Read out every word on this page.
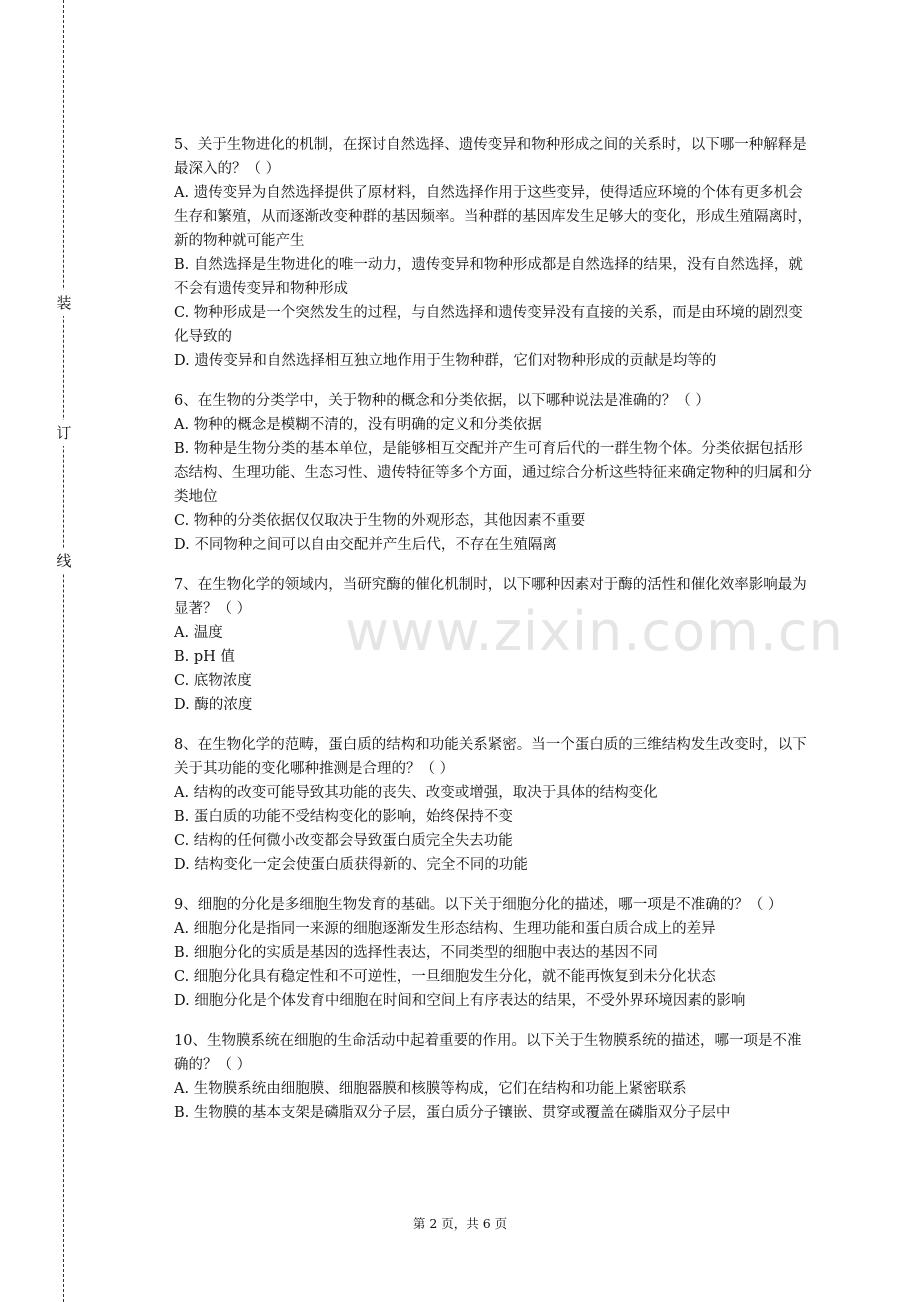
装
订
线

5、关于生物进化的机制，在探讨自然选择、遗传变异和物种形成之间的关系时，以下哪一种解释是最深入的？（ ）

A. 遗传变异为自然选择提供了原材料，自然选择作用于这些变异，使得适应环境的个体有更多机会生存和繁殖，从而逐渐改变种群的基因频率。当种群的基因库发生足够大的变化，形成生殖隔离时，新的物种就可能产生

B. 自然选择是生物进化的唯一动力，遗传变异和物种形成都是自然选择的结果，没有自然选择，就不会有遗传变异和物种形成

C. 物种形成是一个突然发生的过程，与自然选择和遗传变异没有直接的关系，而是由环境的剧烈变化导致的

D. 遗传变异和自然选择相互独立地作用于生物种群，它们对物种形成的贡献是均等的

6、在生物的分类学中，关于物种的概念和分类依据，以下哪种说法是准确的？（ ）

A. 物种的概念是模糊不清的，没有明确的定义和分类依据

B. 物种是生物分类的基本单位，是能够相互交配并产生可育后代的一群生物个体。分类依据包括形态结构、生理功能、生态习性、遗传特征等多个方面，通过综合分析这些特征来确定物种的归属和分类地位

C. 物种的分类依据仅仅取决于生物的外观形态，其他因素不重要

D. 不同物种之间可以自由交配并产生后代，不存在生殖隔离

7、在生物化学的领域内，当研究酶的催化机制时，以下哪种因素对于酶的活性和催化效率影响最为显著？（ ）

A. 温度

B. pH 值

C. 底物浓度

D. 酶的浓度

8、在生物化学的范畴，蛋白质的结构和功能关系紧密。当一个蛋白质的三维结构发生改变时，以下关于其功能的变化哪种推测是合理的？（ ）

A. 结构的改变可能导致其功能的丧失、改变或增强，取决于具体的结构变化

B. 蛋白质的功能不受结构变化的影响，始终保持不变

C. 结构的任何微小改变都会导致蛋白质完全失去功能

D. 结构变化一定会使蛋白质获得新的、完全不同的功能

9、细胞的分化是多细胞生物发育的基础。以下关于细胞分化的描述，哪一项是不准确的？（ ）

A. 细胞分化是指同一来源的细胞逐渐发生形态结构、生理功能和蛋白质合成上的差异

B. 细胞分化的实质是基因的选择性表达，不同类型的细胞中表达的基因不同

C. 细胞分化具有稳定性和不可逆性，一旦细胞发生分化，就不能再恢复到未分化状态

D. 细胞分化是个体发育中细胞在时间和空间上有序表达的结果，不受外界环境因素的影响

10、生物膜系统在细胞的生命活动中起着重要的作用。以下关于生物膜系统的描述，哪一项是不准确的？（ ）

A. 生物膜系统由细胞膜、细胞器膜和核膜等构成，它们在结构和功能上紧密联系

B. 生物膜的基本支架是磷脂双分子层，蛋白质分子镶嵌、贯穿或覆盖在磷脂双分子层中

www.zixin.com.cn
第 2 页，共 6 页
